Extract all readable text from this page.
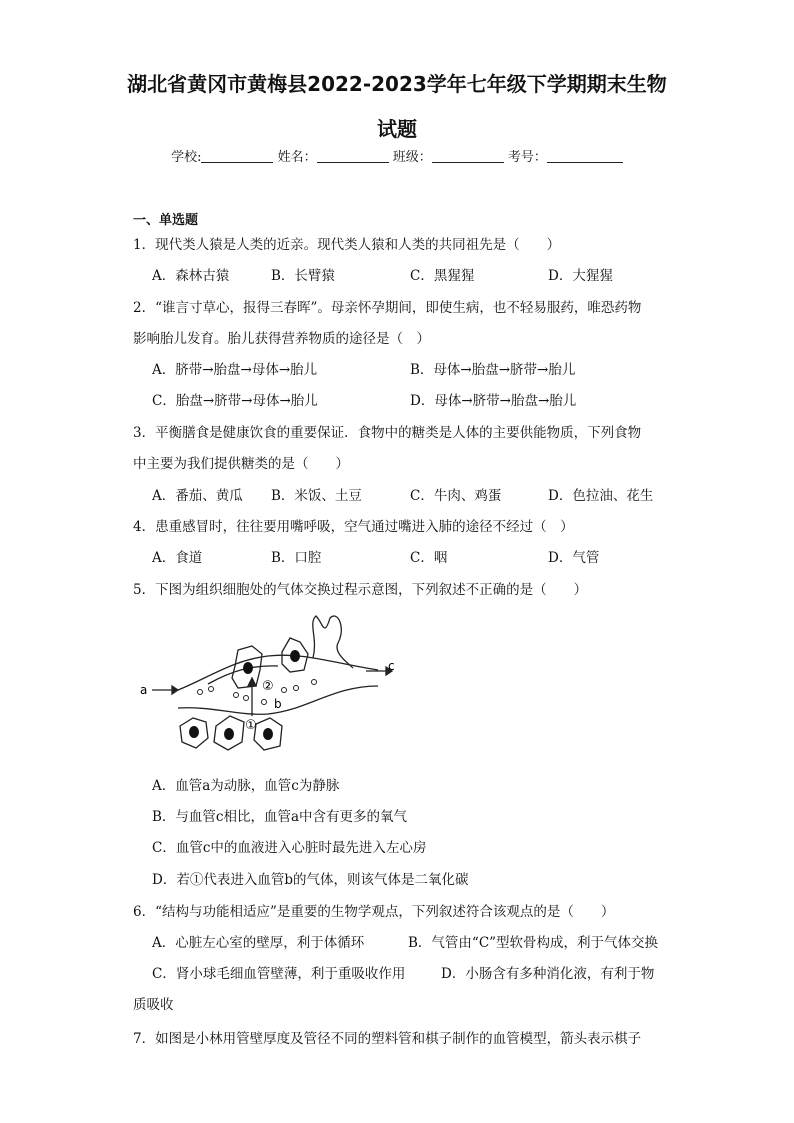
湖北省黄冈市黄梅县2022-2023学年七年级下学期期末生物
试题
学校:	姓名：	班级：	考号：
一、单选题
1．现代类人猿是人类的近亲。现代类人猿和人类的共同祖先是（　　）
A．森林古猿	B．长臂猿	C．黑猩猩	D．大猩猩
2．“谁言寸草心，报得三春晖”。母亲怀孕期间，即使生病，也不轻易服药，唯恐药物
影响胎儿发育。胎儿获得营养物质的途径是（　）
A．脐带→胎盘→母体→胎儿	B．母体→胎盘→脐带→胎儿
C．胎盘→脐带→母体→胎儿	D．母体→脐带→胎盘→胎儿
3．平衡膳食是健康饮食的重要保证．食物中的糖类是人体的主要供能物质，下列食物
中主要为我们提供糖类的是（　　）
A．番茄、黄瓜 B．米饭、土豆	C．牛肉、鸡蛋	D．色拉油、花生
4．患重感冒时，往往要用嘴呼吸，空气通过嘴进入肺的途径不经过（　）
A．食道	B．口腔	C．咽	D．气管
5．下图为组织细胞处的气体交换过程示意图，下列叙述不正确的是（　　）
a
c
b
①
②
A．血管a为动脉，血管c为静脉
B．与血管c相比，血管a中含有更多的氧气
C．血管c中的血液进入心脏时最先进入左心房
D．若①代表进入血管b的气体，则该气体是二氧化碳
6．“结构与功能相适应”是重要的生物学观点，下列叙述符合该观点的是（　　）
A．心脏左心室的壁厚，利于体循环	B．气管由“C”型软骨构成，利于气体交换
C．肾小球毛细血管壁薄，利于重吸收作用	D．小肠含有多种消化液，有利于物
质吸收
7．如图是小林用管壁厚度及管径不同的塑料管和棋子制作的血管模型，箭头表示棋子
